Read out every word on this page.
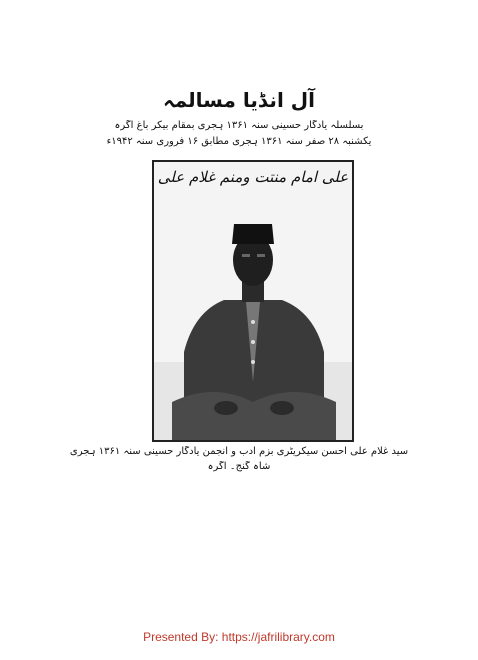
آل انڈیا مسالمہ
بسلسلہ یادگار حسینی سنہ ۱۳۶۱ ہجری بمقام بیکر باغ آگرہ
یکشنبہ ۲۸ صفر سنہ ۱۳۶۱ ہجری مطابق ۱۶ فروری سنہ ۱۹۴۲ء
علی امام منتت ومنم غلام علی
سید غلام علی احسن سیکریٹری بزم ادب و انجمن یادگار حسینی سنہ ۱۳۶۱ ہجری
شاہ گنج۔ آگرہ
Presented By: https://jafrilibrary.com
